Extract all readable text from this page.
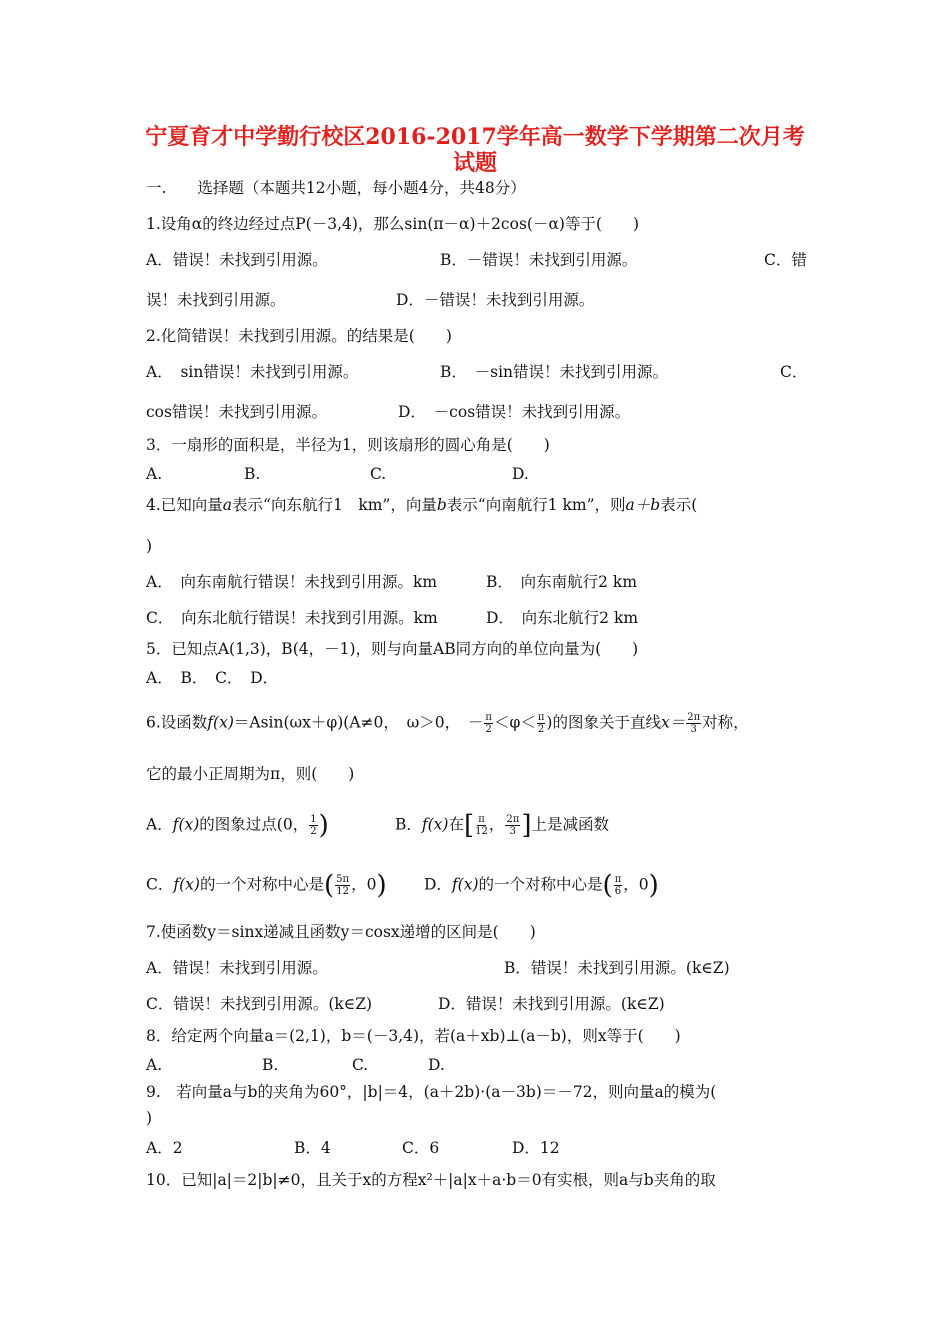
宁夏育才中学勤行校区2016-2017学年高一数学下学期第二次月考
试题
一.　　选择题（本题共12小题，每小题4分，共48分）
1.设角α的终边经过点P(－3,4)，那么sin(π－α)＋2cos(－α)等于(　　)
A．错误！未找到引用源。	B．－错误！未找到引用源。	C．错
误！未找到引用源。	D．－错误！未找到引用源。
2.化简错误！未找到引用源。的结果是(　　)
A．　sin错误！未找到引用源。	B．　－sin错误！未找到引用源。	C．
cos错误！未找到引用源。	D．　－cos错误！未找到引用源。
3．一扇形的面积是，半径为1，则该扇形的圆心角是(　　)
A.	B.	C.	D.
4.已知向量a表示“向东航行1　km”，向量b表示“向南航行1 km”，则a＋b表示(
)
A．　向东南航行错误！未找到引用源。km	B．　向东南航行2 km
C．　向东北航行错误！未找到引用源。km	D．　向东北航行2 km
5．已知点A(1,3)，B(4，－1)，则与向量AB同方向的单位向量为(　　)
A．　B．　C．　D．
6.设函数f(x)＝Asin(ωx＋φ)(A≠0，　ω＞0，　－ $\frac{\pi}{2} <\varphi< \frac{\pi}{2}$ )的图象关于直线$x= \frac{2\pi}{3}$ 对称，
它的最小正周期为π，则(　　)
A．f(x)的图象过点(0， $\frac{1}{2}$ )	B．f(x)在[ $\frac{\pi}{12}$ ， $\frac{2\pi}{3}$ ]上是减函数
C．f(x)的一个对称中心是( $\frac{5\pi}{12}$ ，0) D．f(x)的一个对称中心是( $\frac{\pi}{6}$ ，0)
7.使函数y＝sinx递减且函数y＝cosx递增的区间是(　　)
A．错误！未找到引用源。	B．错误！未找到引用源。(k∈Z)
C．错误！未找到引用源。(k∈Z)	D．错误！未找到引用源。(k∈Z)
8．给定两个向量a＝(2,1)，b＝(－3,4)，若(a＋xb)⊥(a－b)，则x等于(　　)
A.	B.	C.	D.
9.　若向量a与b的夹角为60°，|b|＝4，(a＋2b)·(a－3b)＝－72，则向量a的模为(
)
A．2	B．4	C．6	D．12
10．已知|a|＝2|b|≠0，且关于x的方程x²＋|a|x＋a·b＝0有实根，则a与b夹角的取
